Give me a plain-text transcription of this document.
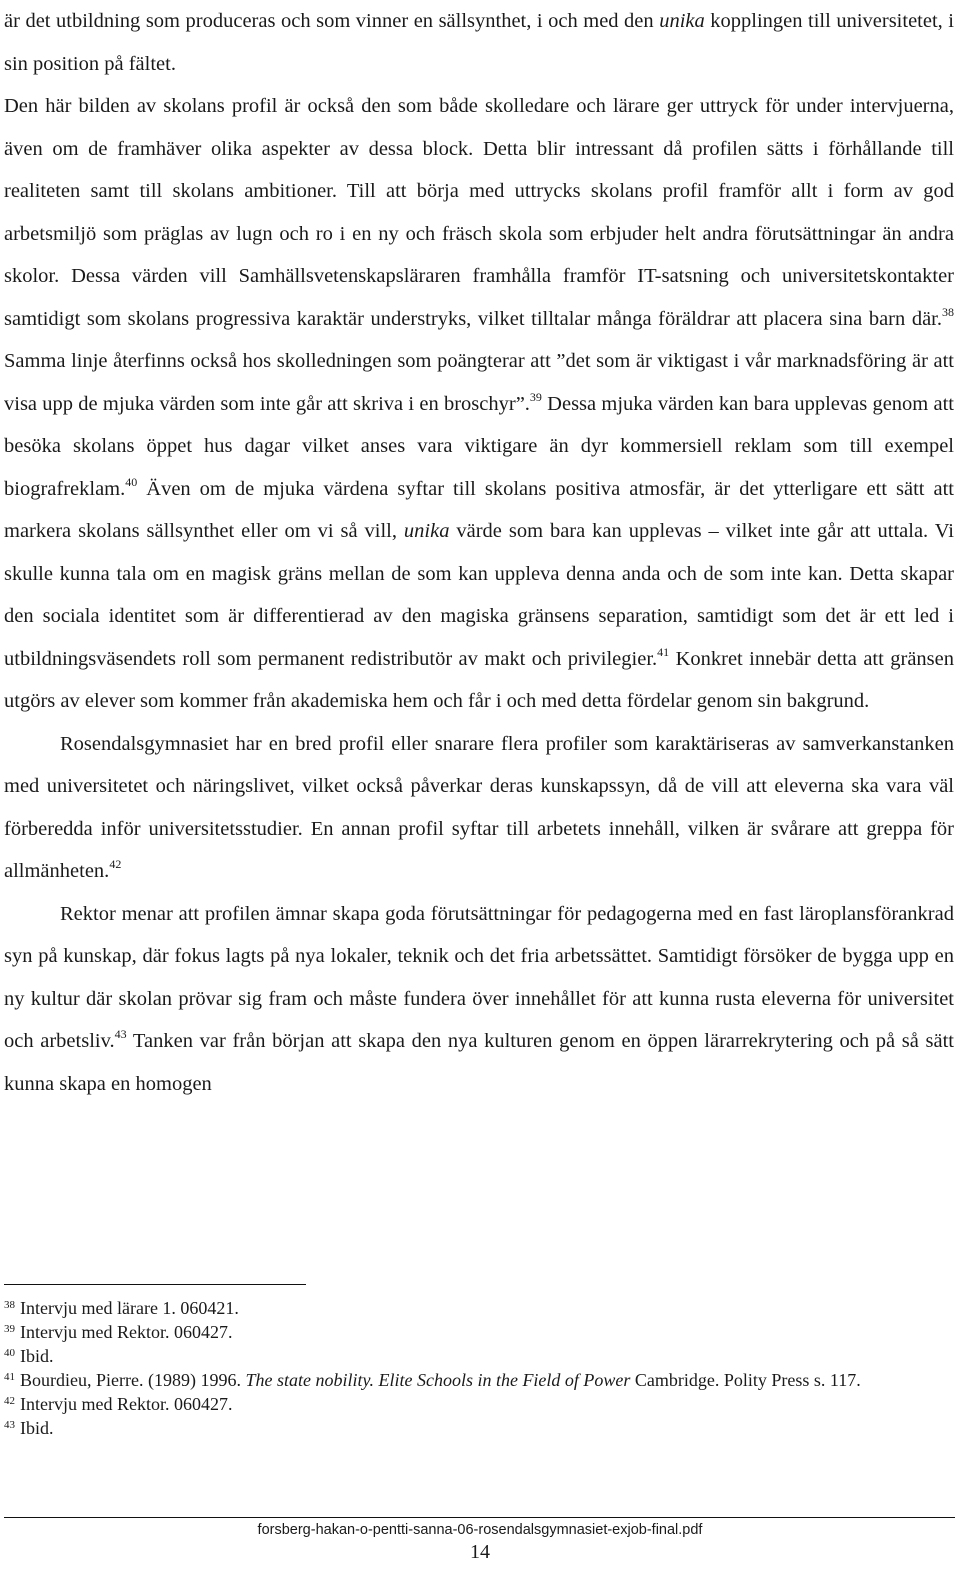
är det utbildning som produceras och som vinner en sällsynthet, i och med den unika kopplingen till universitetet, i sin position på fältet.
Den här bilden av skolans profil är också den som både skolledare och lärare ger uttryck för under intervjuerna, även om de framhäver olika aspekter av dessa block. Detta blir intressant då profilen sätts i förhållande till realiteten samt till skolans ambitioner. Till att börja med uttrycks skolans profil framför allt i form av god arbetsmiljö som präglas av lugn och ro i en ny och fräsch skola som erbjuder helt andra förutsättningar än andra skolor. Dessa värden vill Samhällsvetenskapsläraren framhålla framför IT-satsning och universitetskontakter samtidigt som skolans progressiva karaktär understryks, vilket tilltalar många föräldrar att placera sina barn där.$^{38}$ Samma linje återfinns också hos skolledningen som poängterar att ”det som är viktigast i vår marknadsföring är att visa upp de mjuka värden som inte går att skriva i en broschyr”.$^{39}$ Dessa mjuka värden kan bara upplevas genom att besöka skolans öppet hus dagar vilket anses vara viktigare än dyr kommersiell reklam som till exempel biografreklam.$^{40}$ Även om de mjuka värdena syftar till skolans positiva atmosfär, är det ytterligare ett sätt att markera skolans sällsynthet eller om vi så vill, unika värde som bara kan upplevas – vilket inte går att uttala. Vi skulle kunna tala om en magisk gräns mellan de som kan uppleva denna anda och de som inte kan. Detta skapar den sociala identitet som är differentierad av den magiska gränsens separation, samtidigt som det är ett led i utbildningsväsendets roll som permanent redistributör av makt och privilegier.$^{41}$ Konkret innebär detta att gränsen utgörs av elever som kommer från akademiska hem och får i och med detta fördelar genom sin bakgrund.

Rosendalsgymnasiet har en bred profil eller snarare flera profiler som karaktäriseras av samverkanstanken med universitetet och näringslivet, vilket också påverkar deras kunskapssyn, då de vill att eleverna ska vara väl förberedda inför universitetsstudier. En annan profil syftar till arbetets innehåll, vilken är svårare att greppa för allmänheten.$^{42}$

Rektor menar att profilen ämnar skapa goda förutsättningar för pedagogerna med en fast läroplansförankrad syn på kunskap, där fokus lagts på nya lokaler, teknik och det fria arbetssättet. Samtidigt försöker de bygga upp en ny kultur där skolan prövar sig fram och måste fundera över innehållet för att kunna rusta eleverna för universitet och arbetsliv.$^{43}$ Tanken var från början att skapa den nya kulturen genom en öppen lärarrekrytering och på så sätt kunna skapa en homogen

$^{38}$ Intervju med lärare 1. 060421.

$^{39}$ Intervju med Rektor. 060427.

$^{40}$ Ibid.

$^{41}$ Bourdieu, Pierre. (1989) 1996. The state nobility. Elite Schools in the Field of Power Cambridge. Polity Press s. 117.

$^{42}$ Intervju med Rektor. 060427.

$^{43}$ Ibid.

forsberg-hakan-o-pentti-sanna-06-rosendalsgymnasiet-exjob-final.pdf
14
